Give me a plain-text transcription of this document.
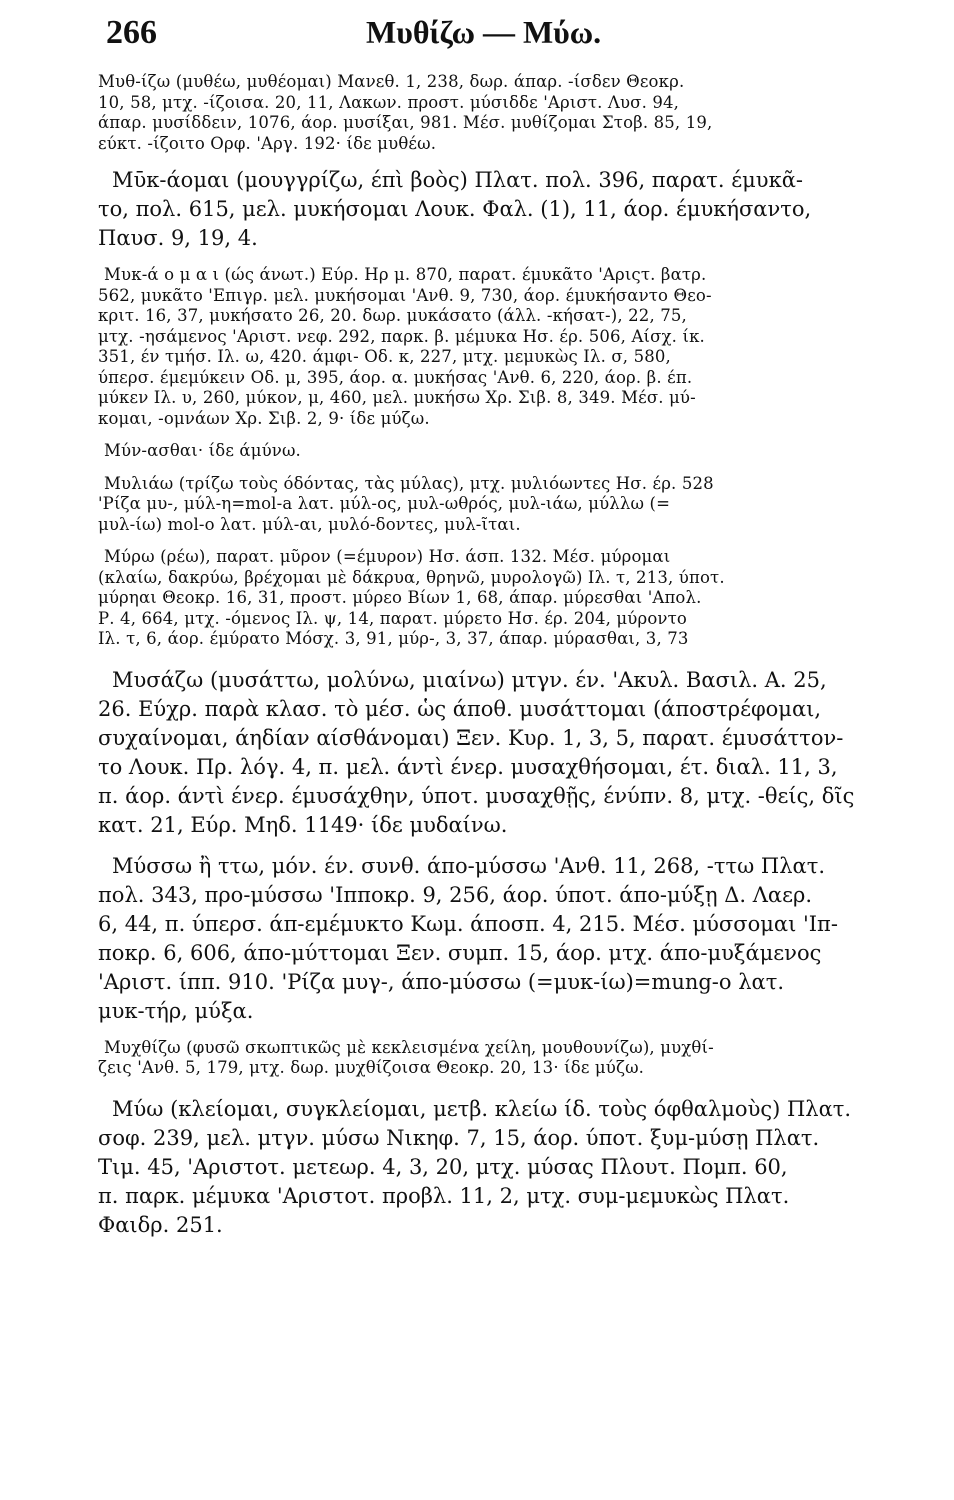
266	Μυθίζω — Μύω.
Μυθ-ίζω (μυθέω, μυθέομαι) Μανεθ. 1, 238, δωρ. άπαρ. -ίσδεν Θεοκρ.
10, 58, μτχ. -ίζοισα. 20, 11, Λακων. προστ. μύσιδδε 'Αριστ. Λυσ. 94,
άπαρ. μυσίδδειν, 1076, άορ. μυσίξαι, 981. Μέσ. μυθίζομαι Στοβ. 85, 19,
εύκτ. -ίζοιτο Ορφ. 'Αργ. 192· ίδε μυθέω.
Μῡκ-άομαι (μουγγρίζω, έπὶ βοὸς) Πλατ. πολ. 396, παρατ. έμυκᾶ-
το, πολ. 615, μελ. μυκήσομαι Λουκ. Φαλ. (1), 11, άορ. έμυκήσαντο,
Παυσ. 9, 19, 4.
Μυκ-ά ο μ α ι (ώς άνωτ.) Εύρ. Ηρ μ. 870, παρατ. έμυκᾶτο 'Αριςτ. βατρ.
562, μυκᾶτο 'Επιγρ. μελ. μυκήσομαι 'Ανθ. 9, 730, άορ. έμυκήσαντο Θεο-
κριτ. 16, 37, μυκήσατο 26, 20. δωρ. μυκάσατο (άλλ. -κήσατ-), 22, 75,
μτχ. -ησάμενος 'Αριστ. νεφ. 292, παρκ. β. μέμυκα Ησ. έρ. 506, Αίσχ. ίκ.
351, έν τμήσ. Ιλ. ω, 420. άμφι- Οδ. κ, 227, μτχ. μεμυκὼς Ιλ. σ, 580,
ύπερσ. έμεμύκειν Οδ. μ, 395, άορ. α. μυκήσας 'Ανθ. 6, 220, άορ. β. έπ.
μύκεν Ιλ. υ, 260, μύκον, μ, 460, μελ. μυκήσω Χρ. Σιβ. 8, 349. Μέσ. μύ-
κομαι, -ομνάων Χρ. Σιβ. 2, 9· ίδε μύζω.
Μύν-ασθαι· ίδε άμύνω.
Μυλιάω (τρίζω τοὺς όδόντας, τὰς μύλας), μτχ. μυλιόωντες Ησ. έρ. 528
'Ρίζα μυ-, μύλ-η=mol-a λατ. μύλ-ος, μυλ-ωθρός, μυλ-ιάω, μύλλω (=
μυλ-ίω) mol-o λατ. μύλ-αι, μυλό-δοντες, μυλ-ῖται.
Μύρω (ρέω), παρατ. μῦρον (=έμυρον) Ησ. άσπ. 132. Μέσ. μύρομαι
(κλαίω, δακρύω, βρέχομαι μὲ δάκρυα, θρηνῶ, μυρολογῶ) Ιλ. τ, 213, ύποτ.
μύρηαι Θεοκρ. 16, 31, προστ. μύρεο Βίων 1, 68, άπαρ. μύρεσθαι 'Απολ.
Ρ. 4, 664, μτχ. -όμενος Ιλ. ψ, 14, παρατ. μύρετο Ησ. έρ. 204, μύροντο
Ιλ. τ, 6, άορ. έμύρατο Μόσχ. 3, 91, μύρ-, 3, 37, άπαρ. μύρασθαι, 3, 73
Μυσάζω (μυσάττω, μολύνω, μιαίνω) μτγν. έν. 'Ακυλ. Βασιλ. Α. 25,
26. Εύχρ. παρὰ κλασ. τὸ μέσ. ὡς άποθ. μυσάττομαι (άποστρέφομαι,
συχαίνομαι, άηδίαν αίσθάνομαι) Ξεν. Κυρ. 1, 3, 5, παρατ. έμυσάττον-
το Λουκ. Πρ. λόγ. 4, π. μελ. άντὶ ένερ. μυσαχθήσομαι, έτ. διαλ. 11, 3,
π. άορ. άντὶ ένερ. έμυσάχθην, ύποτ. μυσαχθῇς, ένύπν. 8, μτχ. -θείς, δῖς
κατ. 21, Εύρ. Μηδ. 1149· ίδε μυδαίνω.
Μύσσω ἢ ττω, μόν. έν. συνθ. άπο-μύσσω 'Ανθ. 11, 268, -ττω Πλατ.
πολ. 343, προ-μύσσω 'Ιπποκρ. 9, 256, άορ. ύποτ. άπο-μύξῃ Δ. Λαερ.
6, 44, π. ύπερσ. άπ-εμέμυκτο Κωμ. άποσπ. 4, 215. Μέσ. μύσσομαι 'Ιπ-
ποκρ. 6, 606, άπο-μύττομαι Ξεν. συμπ. 15, άορ. μτχ. άπο-μυξάμενος
'Αριστ. ίππ. 910. 'Ρίζα μυγ-, άπο-μύσσω (=μυκ-ίω)=mung-o λατ.
μυκ-τήρ, μύξα.
Μυχθίζω (φυσῶ σκωπτικῶς μὲ κεκλεισμένα χείλη, μουθουνίζω), μυχθί-
ζεις 'Ανθ. 5, 179, μτχ. δωρ. μυχθίζοισα Θεοκρ. 20, 13· ίδε μύζω.
Μύω (κλείομαι, συγκλείομαι, μετβ. κλείω ίδ. τοὺς όφθαλμοὺς) Πλατ.
σοφ. 239, μελ. μτγν. μύσω Νικηφ. 7, 15, άορ. ύποτ. ξυμ-μύσῃ Πλατ.
Τιμ. 45, 'Αριστοτ. μετεωρ. 4, 3, 20, μτχ. μύσας Πλουτ. Πομπ. 60,
π. παρκ. μέμυκα 'Αριστοτ. προβλ. 11, 2, μτχ. συμ-μεμυκὼς Πλατ.
Φαιδρ. 251.
